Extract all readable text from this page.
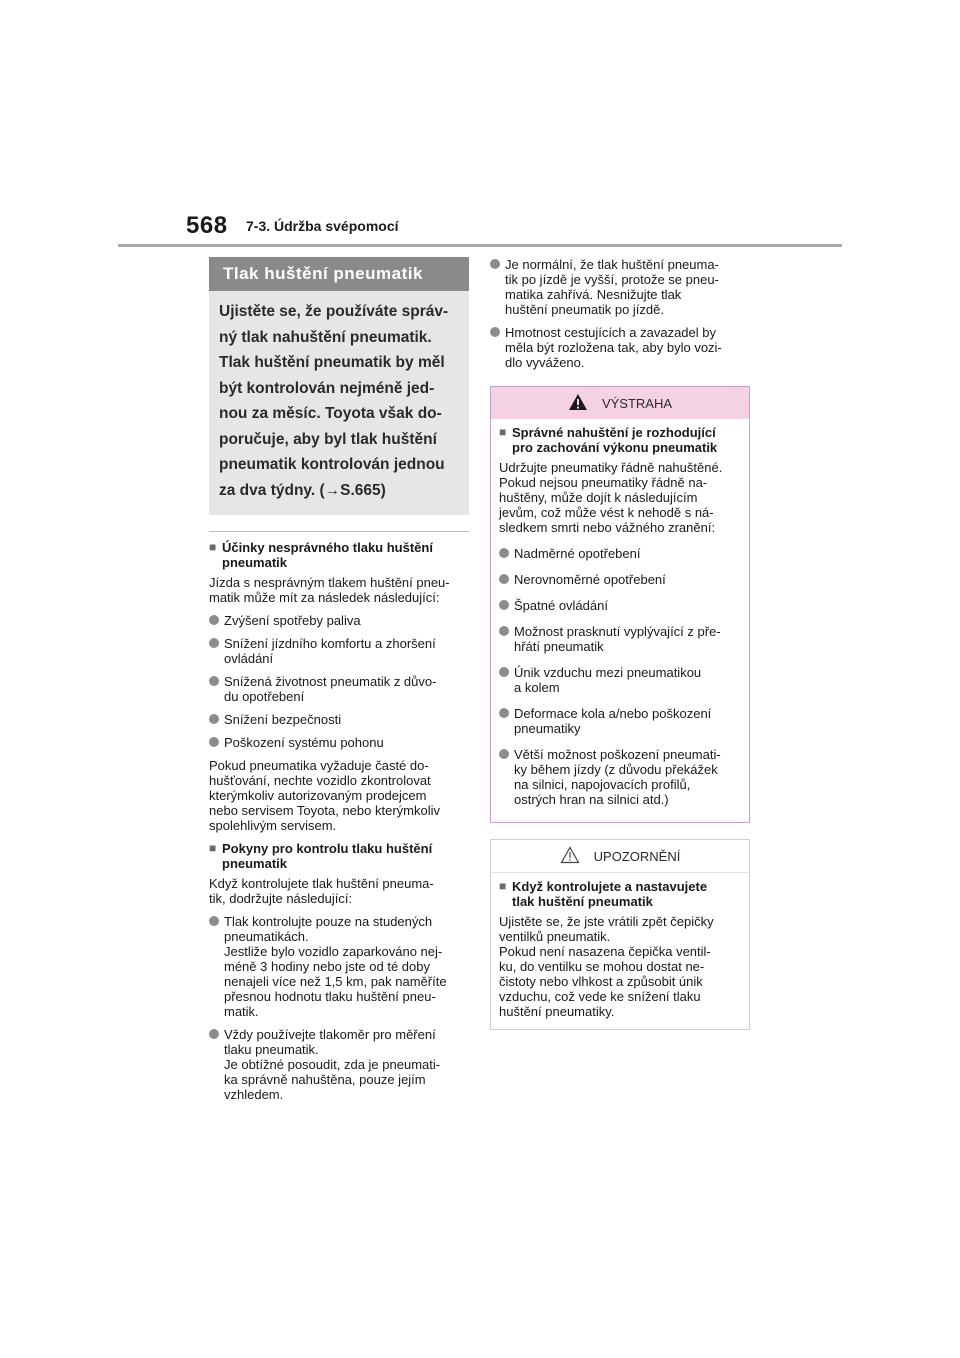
568 7-3. Údržba svépomocí
Tlak huštění pneumatik
Ujistěte se, že používáte správ-
ný tlak nahuštění pneumatik.
Tlak huštění pneumatik by měl
být kontrolován nejméně jed-
nou za měsíc. Toyota však do-
poručuje, aby byl tlak huštění
pneumatik kontrolován jednou
za dva týdny. (→S.665)
■ Účinky nesprávného tlaku huštění
pneumatik
Jízda s nesprávným tlakem huštění pneu-
matik může mít za následek následující:
Zvýšení spotřeby paliva
Snížení jízdního komfortu a zhoršení
ovládání
Snížená životnost pneumatik z důvo-
du opotřebení
Snížení bezpečnosti
Poškození systému pohonu
Pokud pneumatika vyžaduje časté do-
hušťování, nechte vozidlo zkontrolovat
kterýmkoliv autorizovaným prodejcem
nebo servisem Toyota, nebo kterýmkoliv
spolehlivým servisem.
■ Pokyny pro kontrolu tlaku huštění
pneumatik
Když kontrolujete tlak huštění pneuma-
tik, dodržujte následující:
Tlak kontrolujte pouze na studených
pneumatikách.
Jestliže bylo vozidlo zaparkováno nej-
méně 3 hodiny nebo jste od té doby
nenajeli více než 1,5 km, pak naměříte
přesnou hodnotu tlaku huštění pneu-
matik.
Vždy používejte tlakoměr pro měření
tlaku pneumatik.
Je obtížné posoudit, zda je pneumati-
ka správně nahuštěna, pouze jejím
vzhledem.
Je normální, že tlak huštění pneuma-
tik po jízdě je vyšší, protože se pneu-
matika zahřívá. Nesnižujte tlak
huštění pneumatik po jízdě.
Hmotnost cestujících a zavazadel by
měla být rozložena tak, aby bylo vozi-
dlo vyváženo.
VÝSTRAHA
■ Správné nahuštění je rozhodující
pro zachování výkonu pneumatik
Udržujte pneumatiky řádně nahuštěné.
Pokud nejsou pneumatiky řádně na-
huštěny, může dojít k následujícím
jevům, což může vést k nehodě s ná-
sledkem smrti nebo vážného zranění:
Nadměrné opotřebení
Nerovnoměrné opotřebení
Špatné ovládání
Možnost prasknutí vyplývající z pře-
hřátí pneumatik
Únik vzduchu mezi pneumatikou
a kolem
Deformace kola a/nebo poškození
pneumatiky
Větší možnost poškození pneumati-
ky během jízdy (z důvodu překážek
na silnici, napojovacích profilů,
ostrých hran na silnici atd.)
UPOZORNĚNÍ
■ Když kontrolujete a nastavujete
tlak huštění pneumatik
Ujistěte se, že jste vrátili zpět čepičky
ventilků pneumatik.
Pokud není nasazena čepička ventil-
ku, do ventilku se mohou dostat ne-
čistoty nebo vlhkost a způsobit únik
vzduchu, což vede ke snížení tlaku
huštění pneumatiky.
